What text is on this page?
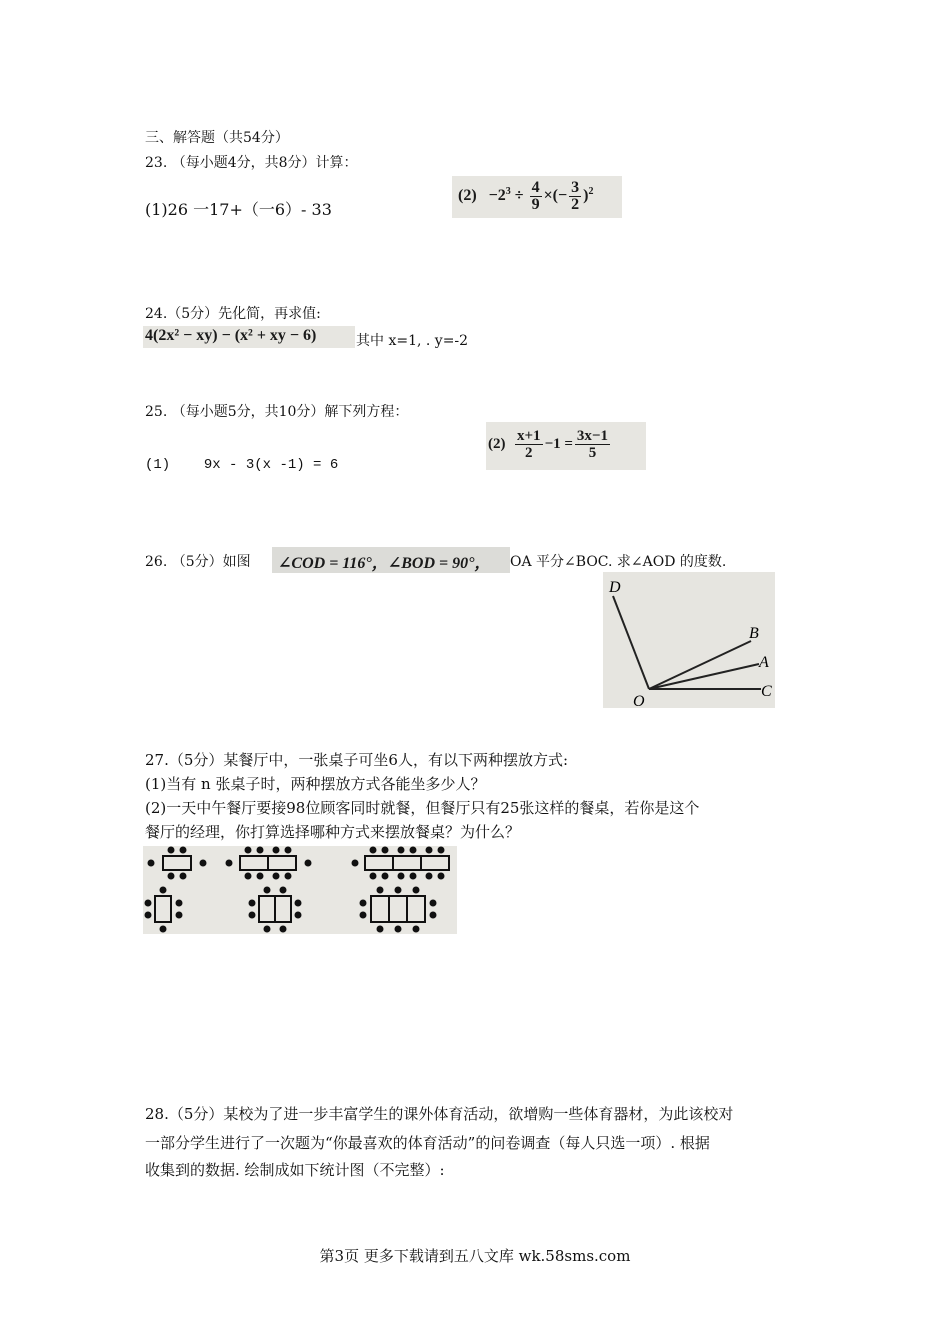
三、解答题（共54分）
23. （每小题4分，共8分）计算：
(1)26 一17+（一6）- 33
$(2) -2^3 \div \frac{4}{9}$ ×(− $\frac{3}{2} )^2$
24.（5分）先化简，再求值:
4(2x² − xy) − (x² + xy − 6)	其中 x=1, . y=-2
25. （每小题5分，共10分）解下列方程：
(1) 9x - 3(x -1) = 6
$(2) \frac{x+1}{2} -1 = \frac{3x-1}{5}$
26. （5分）如图 ∠COD = 116°，∠BOD = 90°， OA 平分∠BOC. 求∠AOD 的度数.
D
B
A
C
O
27.（5分）某餐厅中，一张桌子可坐6人，有以下两种摆放方式:
(1)当有 n 张桌子时，两种摆放方式各能坐多少人？
(2)一天中午餐厅要接98位顾客同时就餐，但餐厅只有25张这样的餐桌，若你是这个
餐厅的经理，你打算选择哪种方式来摆放餐桌？为什么？
28.（5分）某校为了进一步丰富学生的课外体育活动，欲增购一些体育器材，为此该校对
一部分学生进行了一次题为“你最喜欢的体育活动”的问卷调查（每人只选一项）. 根据
收集到的数据. 绘制成如下统计图（不完整）:
第3页 更多下载请到五八文库 wk.58sms.com
